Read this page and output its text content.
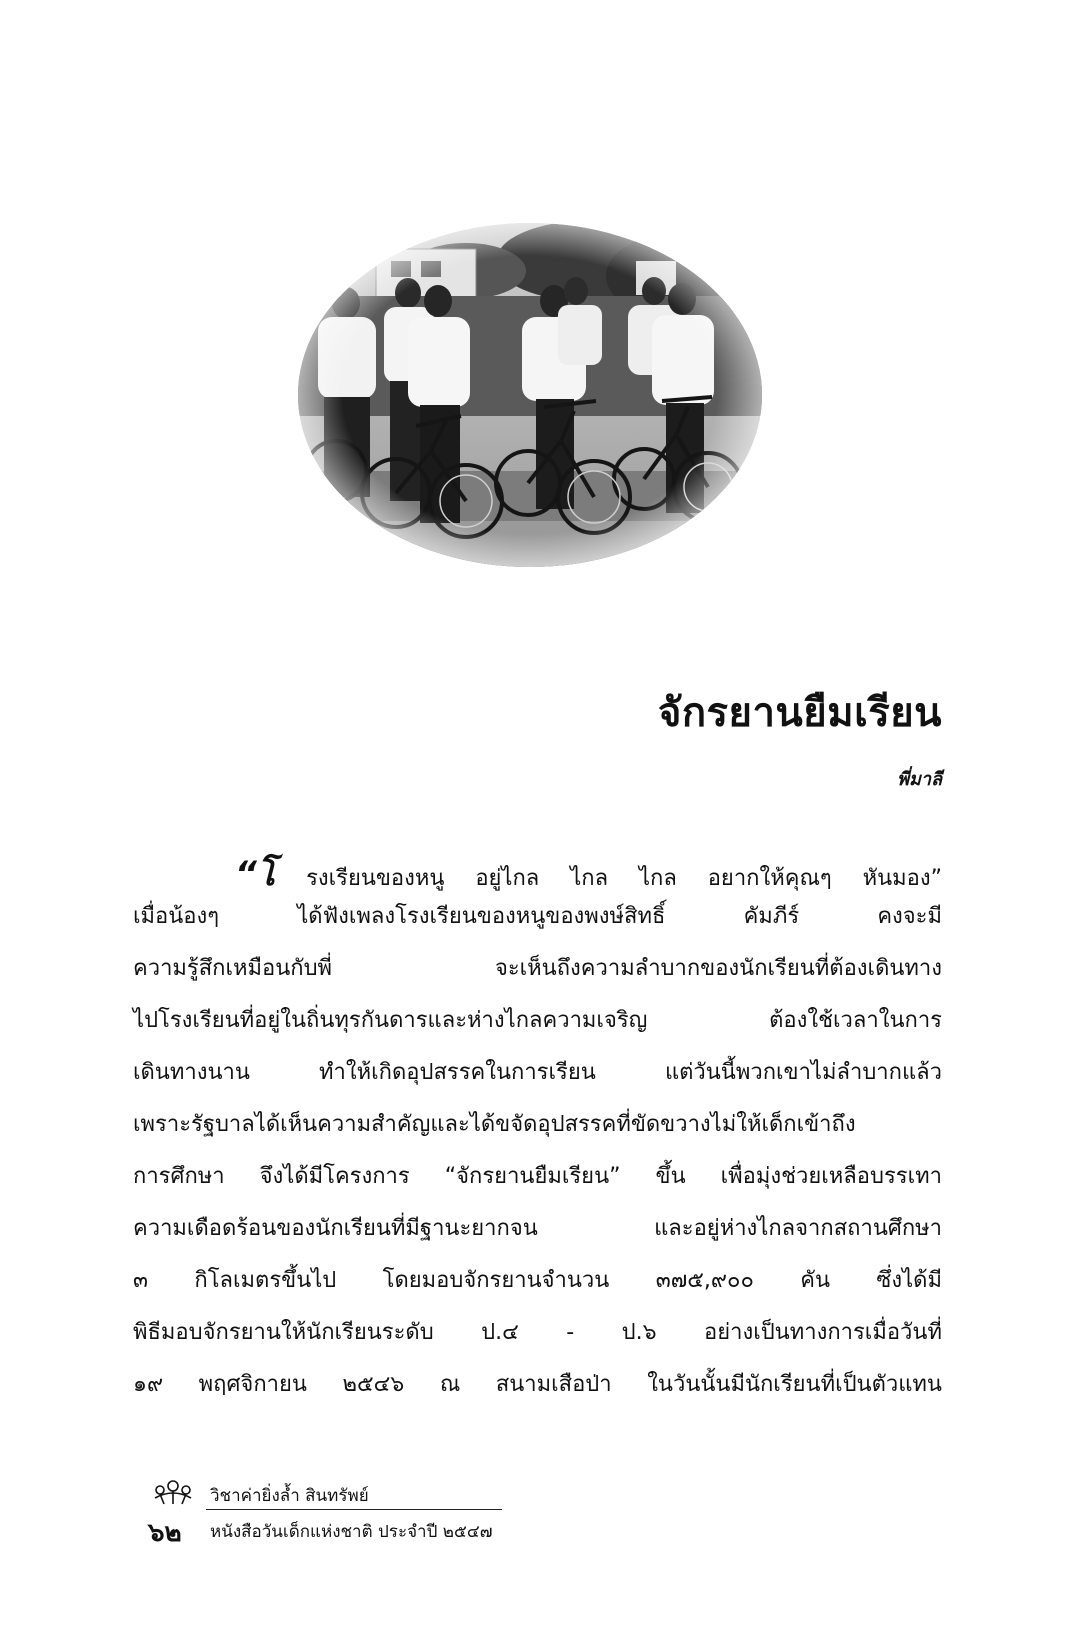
จักรยานยืมเรียน
พี่มาลี
“โ รงเรียนของหนู อยู่ไกล ไกล ไกล อยากให้คุณๆ หันมอง”
เมื่อน้องๆ	ได้ฟังเพลงโรงเรียนของหนูของพงษ์สิทธิ์	คัมภีร์	คงจะมี
ความรู้สึกเหมือนกับพี่	จะเห็นถึงความลำบากของนักเรียนที่ต้องเดินทาง
ไปโรงเรียนที่อยู่ในถิ่นทุรกันดารและห่างไกลความเจริญ	ต้องใช้เวลาในการ
เดินทางนาน	ทำให้เกิดอุปสรรคในการเรียน	แต่วันนี้พวกเขาไม่ลำบากแล้ว
เพราะรัฐบาลได้เห็นความสำคัญและได้ขจัดอุปสรรคที่ขัดขวางไม่ให้เด็กเข้าถึง
การศึกษา จึงได้มีโครงการ “จักรยานยืมเรียน” ขึ้น เพื่อมุ่งช่วยเหลือบรรเทา
ความเดือดร้อนของนักเรียนที่มีฐานะยากจน	และอยู่ห่างไกลจากสถานศึกษา
๓ กิโลเมตรขึ้นไป โดยมอบจักรยานจำนวน ๓๗๕,๙๐๐ คัน ซึ่งได้มี
พิธีมอบจักรยานให้นักเรียนระดับ ป.๔ - ป.๖ อย่างเป็นทางการเมื่อวันที่
๑๙ พฤศจิกายน ๒๕๔๖ ณ สนามเสือป่า ในวันนั้นมีนักเรียนที่เป็นตัวแทน
วิชาค่ายิ่งล้ำ สินทรัพย์
๖๒ หนังสือวันเด็กแห่งชาติ ประจำปี ๒๕๔๗
